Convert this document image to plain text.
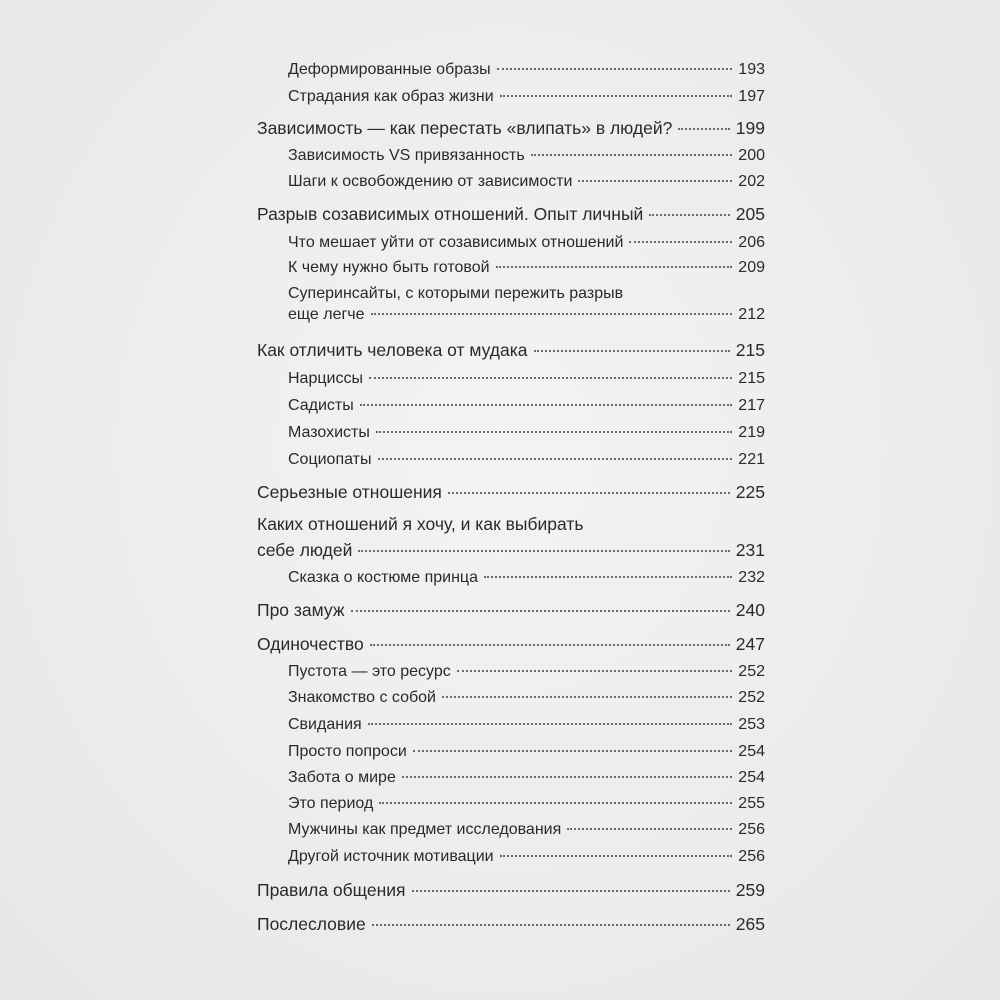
Деформированные образы	193
Страдания как образ жизни	197
Зависимость — как перестать «влипать» в людей?	199
Зависимость VS привязанность	200
Шаги к освобождению от зависимости	202
Разрыв созависимых отношений. Опыт личный	205
Что мешает уйти от созависимых отношений	206
К чему нужно быть готовой	209
Суперинсайты, с которыми пережить разрыв
еще легче	212
Как отличить человека от мудака	215
Нарциссы	215
Садисты	217
Мазохисты	219
Социопаты	221
Серьезные отношения	225
Каких отношений я хочу, и как выбирать
себе людей	231
Сказка о костюме принца	232
Про замуж	240
Одиночество	247
Пустота — это ресурс	252
Знакомство с собой	252
Свидания	253
Просто попроси	254
Забота о мире	254
Это период	255
Мужчины как предмет исследования	256
Другой источник мотивации	256
Правила общения	259
Послесловие	265
